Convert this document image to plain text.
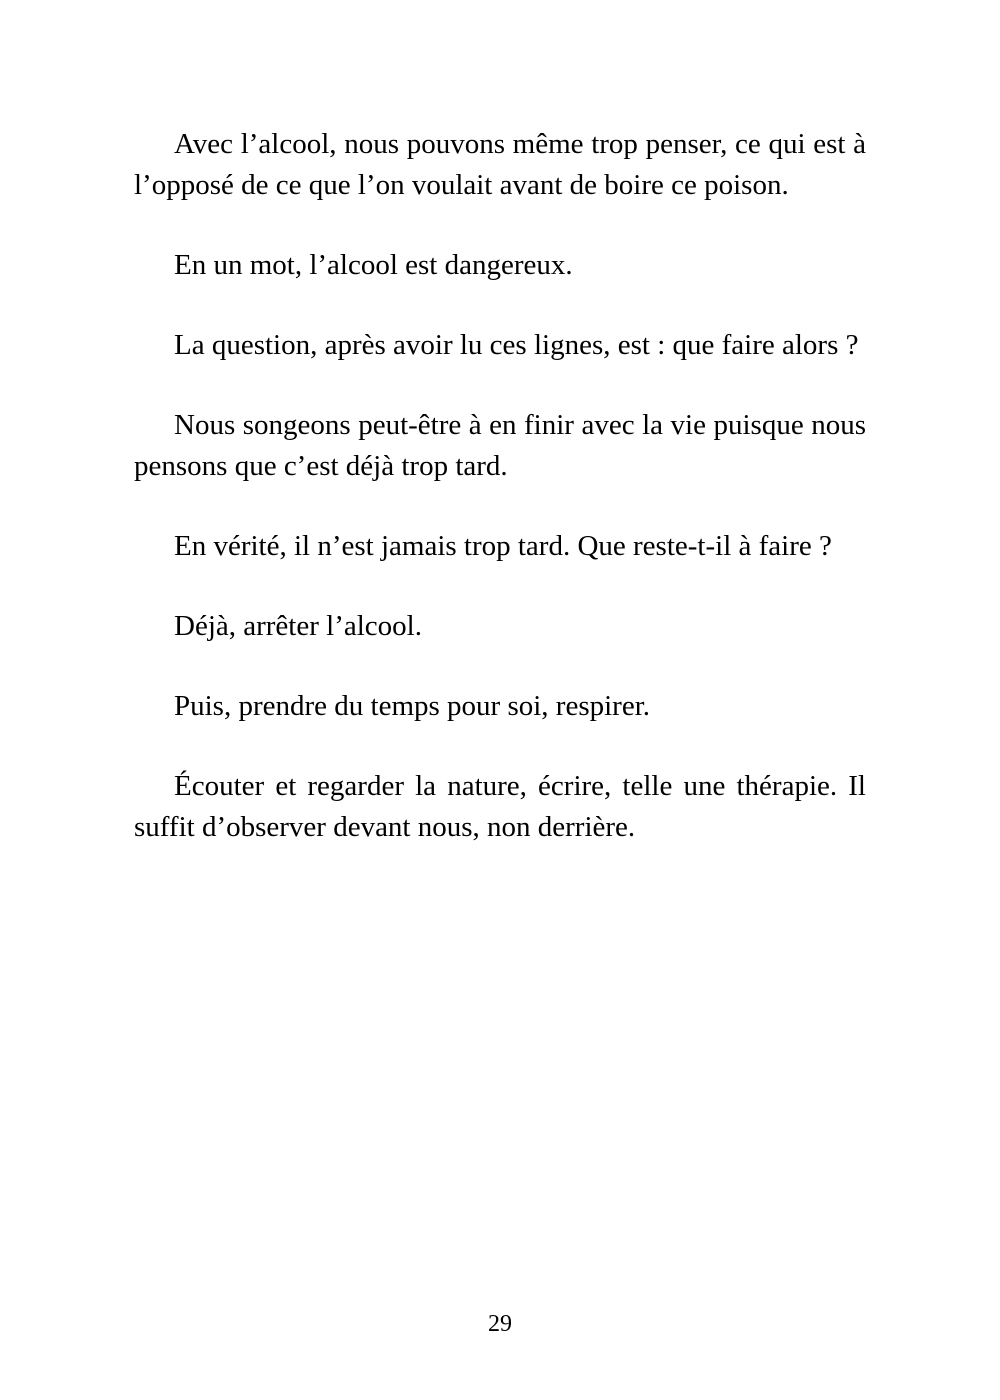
Avec l’alcool, nous pouvons même trop penser, ce qui est à l’opposé de ce que l’on voulait avant de boire ce poison.

En un mot, l’alcool est dangereux.

La question, après avoir lu ces lignes, est : que faire alors ?

Nous songeons peut-être à en finir avec la vie puisque nous pensons que c’est déjà trop tard.

En vérité, il n’est jamais trop tard. Que reste-t-il à faire ?

Déjà, arrêter l’alcool.

Puis, prendre du temps pour soi, respirer.

Écouter et regarder la nature, écrire, telle une thérapie. Il suffit d’observer devant nous, non derrière.

29
